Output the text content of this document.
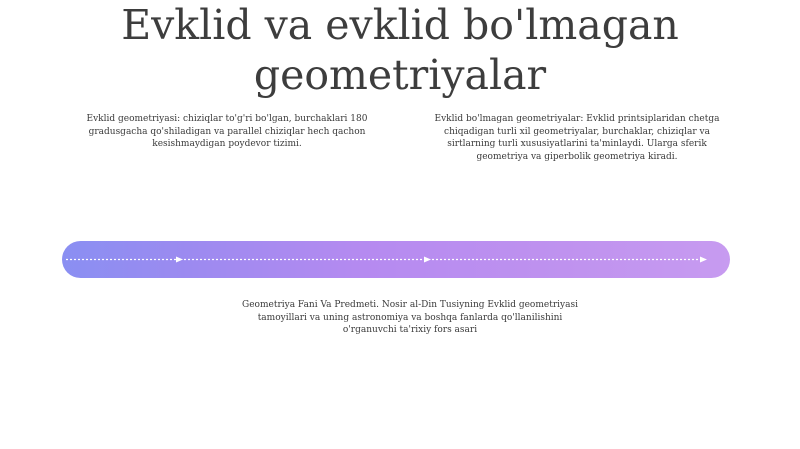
Evklid va evklid bo'lmagan
geometriyalar

Evklid geometriyasi: chiziqlar to'g'ri bo'lgan, burchaklari 180 gradusgacha qo'shiladigan va parallel chiziqlar hech qachon kesishmaydigan poydevor tizimi.

Evklid bo'lmagan geometriyalar: Evklid printsiplaridan chetga chiqadigan turli xil geometriyalar, burchaklar, chiziqlar va sirtlarning turli xususiyatlarini ta'minlaydi. Ularga sferik geometriya va giperbolik geometriya kiradi.

Geometriya Fani Va Predmeti. Nosir al-Din Tusiyning Evklid geometriyasi tamoyillari va uning astronomiya va boshqa fanlarda qo'llanilishini o'rganuvchi ta'rixiy fors asari
